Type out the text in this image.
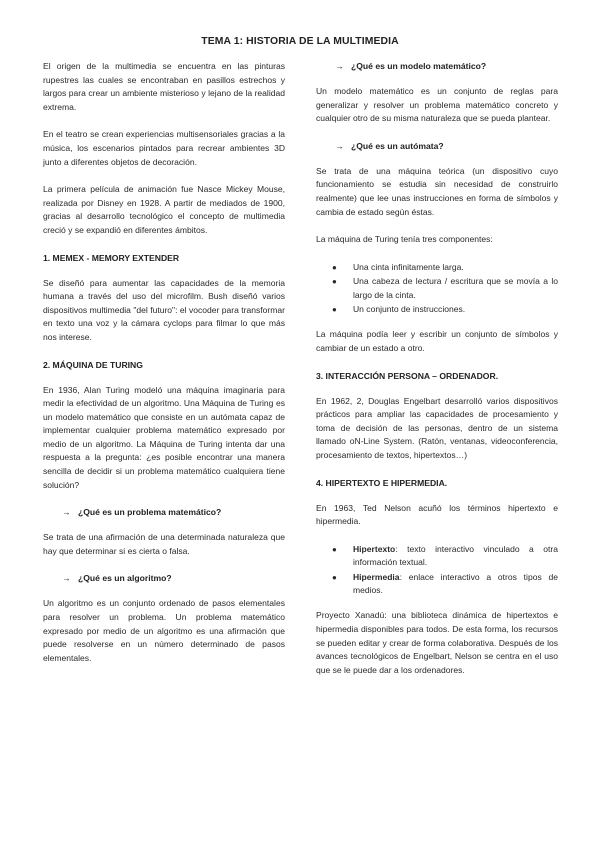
TEMA 1: HISTORIA DE LA MULTIMEDIA

El origen de la multimedia se encuentra en las pinturas rupestres las cuales se encontraban en pasillos estrechos y largos para crear un ambiente misterioso y lejano de la realidad extrema.

En el teatro se crean experiencias multisensoriales gracias a la música, los escenarios pintados para recrear ambientes 3D junto a diferentes objetos de decoración.

La primera película de animación fue Nasce Mickey Mouse, realizada por Disney en 1928. A partir de mediados de 1900, gracias al desarrollo tecnológico el concepto de multimedia creció y se expandió en diferentes ámbitos.

1. MEMEX - MEMORY EXTENDER

Se diseñó para aumentar las capacidades de la memoria humana a través del uso del microfilm. Bush diseñó varios dispositivos multimedia "del futuro": el vocoder para transformar en texto una voz y la cámara cyclops para filmar lo que más nos interese.

2. MÁQUINA DE TURING

En 1936, Alan Turing modeló una máquina imaginaria para medir la efectividad de un algoritmo. Una Máquina de Turing es un modelo matemático que consiste en un autómata capaz de implementar cualquier problema matemático expresado por medio de un algoritmo. La Máquina de Turing intenta dar una respuesta a la pregunta: ¿es posible encontrar una manera sencilla de decidir si un problema matemático cualquiera tiene solución?

→ ¿Qué es un problema matemático?

Se trata de una afirmación de una determinada naturaleza que hay que determinar si es cierta o falsa.

→ ¿Qué es un algoritmo?

Un algoritmo es un conjunto ordenado de pasos elementales para resolver un problema. Un problema matemático expresado por medio de un algoritmo es una afirmación que puede resolverse en un número determinado de pasos elementales.

→ ¿Qué es un modelo matemático?

Un modelo matemático es un conjunto de reglas para generalizar y resolver un problema matemático concreto y cualquier otro de su misma naturaleza que se pueda plantear.

→ ¿Qué es un autómata?

Se trata de una máquina teórica (un dispositivo cuyo funcionamiento se estudia sin necesidad de construirlo realmente) que lee unas instrucciones en forma de símbolos y cambia de estado según éstas.

La máquina de Turing tenía tres componentes:

● Una cinta infinitamente larga.
● Una cabeza de lectura / escritura que se movía a lo largo de la cinta.
● Un conjunto de instrucciones.

La máquina podía leer y escribir un conjunto de símbolos y cambiar de un estado a otro.

3. INTERACCIÓN PERSONA – ORDENADOR.

En 1962, 2, Douglas Engelbart desarrolló varios dispositivos prácticos para ampliar las capacidades de procesamiento y toma de decisión de las personas, dentro de un sistema llamado oN-Line System. (Ratón, ventanas, videoconferencia, procesamiento de textos, hipertextos…)

4. HIPERTEXTO E HIPERMEDIA.

En 1963, Ted Nelson acuñó los términos hipertexto e hipermedia.

● Hipertexto: texto interactivo vinculado a otra información textual.
● Hipermedia: enlace interactivo a otros tipos de medios.

Proyecto Xanadú: una biblioteca dinámica de hipertextos e hipermedia disponibles para todos. De esta forma, los recursos se pueden editar y crear de forma colaborativa. Después de los avances tecnológicos de Engelbart, Nelson se centra en el uso que se le puede dar a los ordenadores.
